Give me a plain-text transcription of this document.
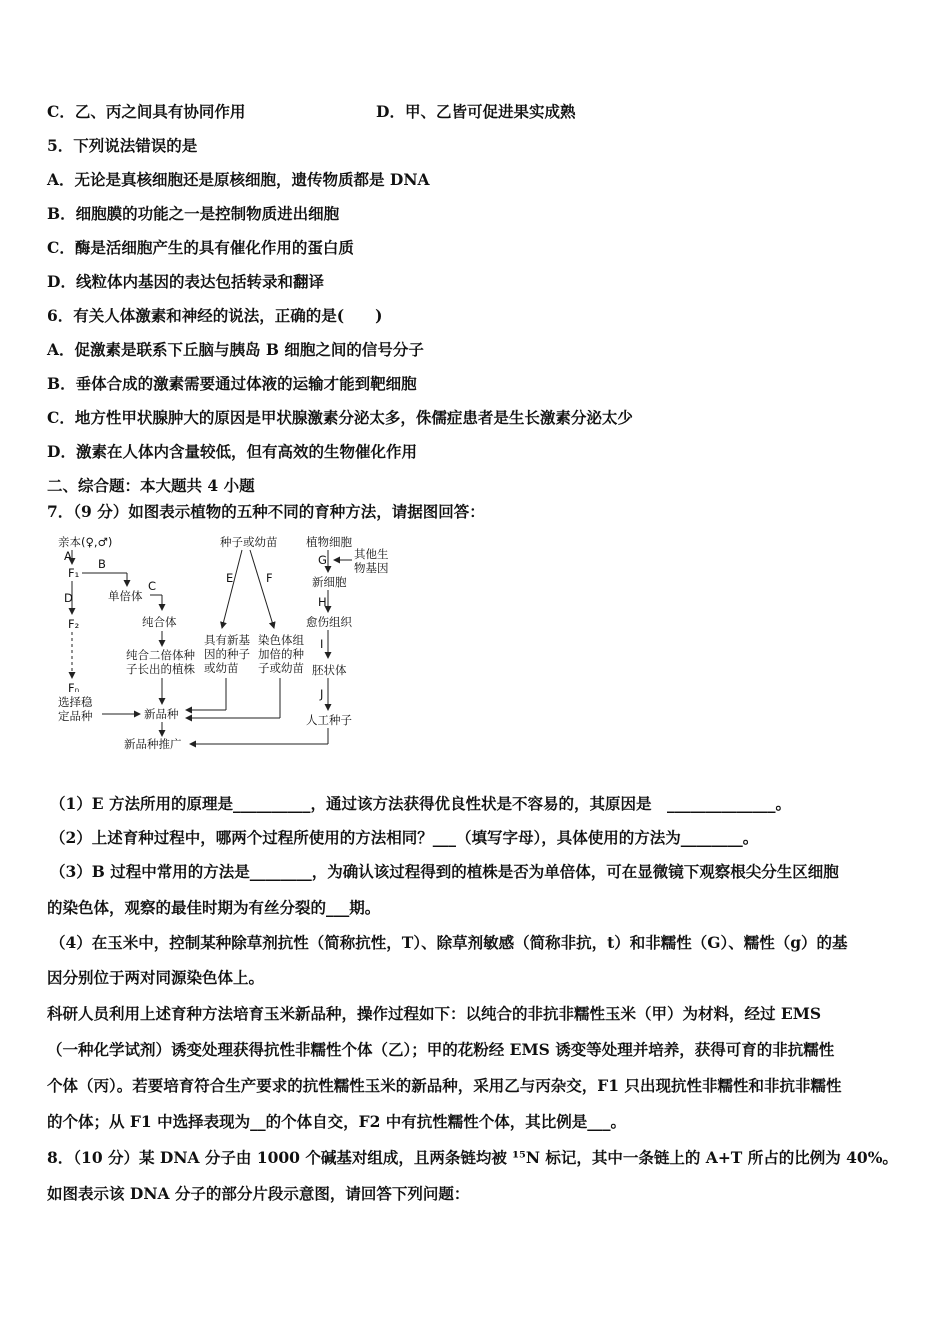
C．乙、丙之间具有协同作用	D．甲、乙皆可促进果实成熟
5．下列说法错误的是
A．无论是真核细胞还是原核细胞，遗传物质都是 DNA
B．细胞膜的功能之一是控制物质进出细胞
C．酶是活细胞产生的具有催化作用的蛋白质
D．线粒体内基因的表达包括转录和翻译
6．有关人体激素和神经的说法，正确的是(　　)
A．促激素是联系下丘脑与胰岛 B 细胞之间的信号分子
B．垂体合成的激素需要通过体液的运输才能到靶细胞
C．地方性甲状腺肿大的原因是甲状腺激素分泌太多，侏儒症患者是生长激素分泌太少
D．激素在人体内含量较低，但有高效的生物催化作用
二、综合题：本大题共 4 小题
7．（9 分）如图表示植物的五种不同的育种方法，请据图回答：
亲本(♀,♂)
A
F₁
B
单倍体
C
纯合体
纯合二倍体种
子长出的植株
D
F₂
Fₙ
选择稳
定品种	新品种
新品种推广
种子或幼苗
E	F
具有新基
因的种子
或幼苗
染色体组
加倍的种
子或幼苗
植物细胞
其他生
物基因
G
新细胞
H
愈伤组织
I
胚状体
J
人工种子
（1）E 方法所用的原理是__________，通过该方法获得优良性状是不容易的，其原因是　______________。
（2）上述育种过程中，哪两个过程所使用的方法相同？___（填写字母），具体使用的方法为________。
（3）B 过程中常用的方法是________，为确认该过程得到的植株是否为单倍体，可在显微镜下观察根尖分生区细胞
的染色体，观察的最佳时期为有丝分裂的___期。
（4）在玉米中，控制某种除草剂抗性（简称抗性，T）、除草剂敏感（简称非抗，t）和非糯性（G）、糯性（g）的基
因分别位于两对同源染色体上。
科研人员利用上述育种方法培育玉米新品种，操作过程如下：以纯合的非抗非糯性玉米（甲）为材料，经过 EMS
（一种化学试剂）诱变处理获得抗性非糯性个体（乙）；甲的花粉经 EMS 诱变等处理并培养，获得可育的非抗糯性
个体（丙）。若要培育符合生产要求的抗性糯性玉米的新品种，采用乙与丙杂交，F1 只出现抗性非糯性和非抗非糯性
的个体；从 F1 中选择表现为__的个体自交，F2 中有抗性糯性个体，其比例是___。
8．（10 分）某 DNA 分子由 1000 个碱基对组成，且两条链均被 ¹⁵N 标记，其中一条链上的 A+T 所占的比例为 40%。
如图表示该 DNA 分子的部分片段示意图，请回答下列问题：
